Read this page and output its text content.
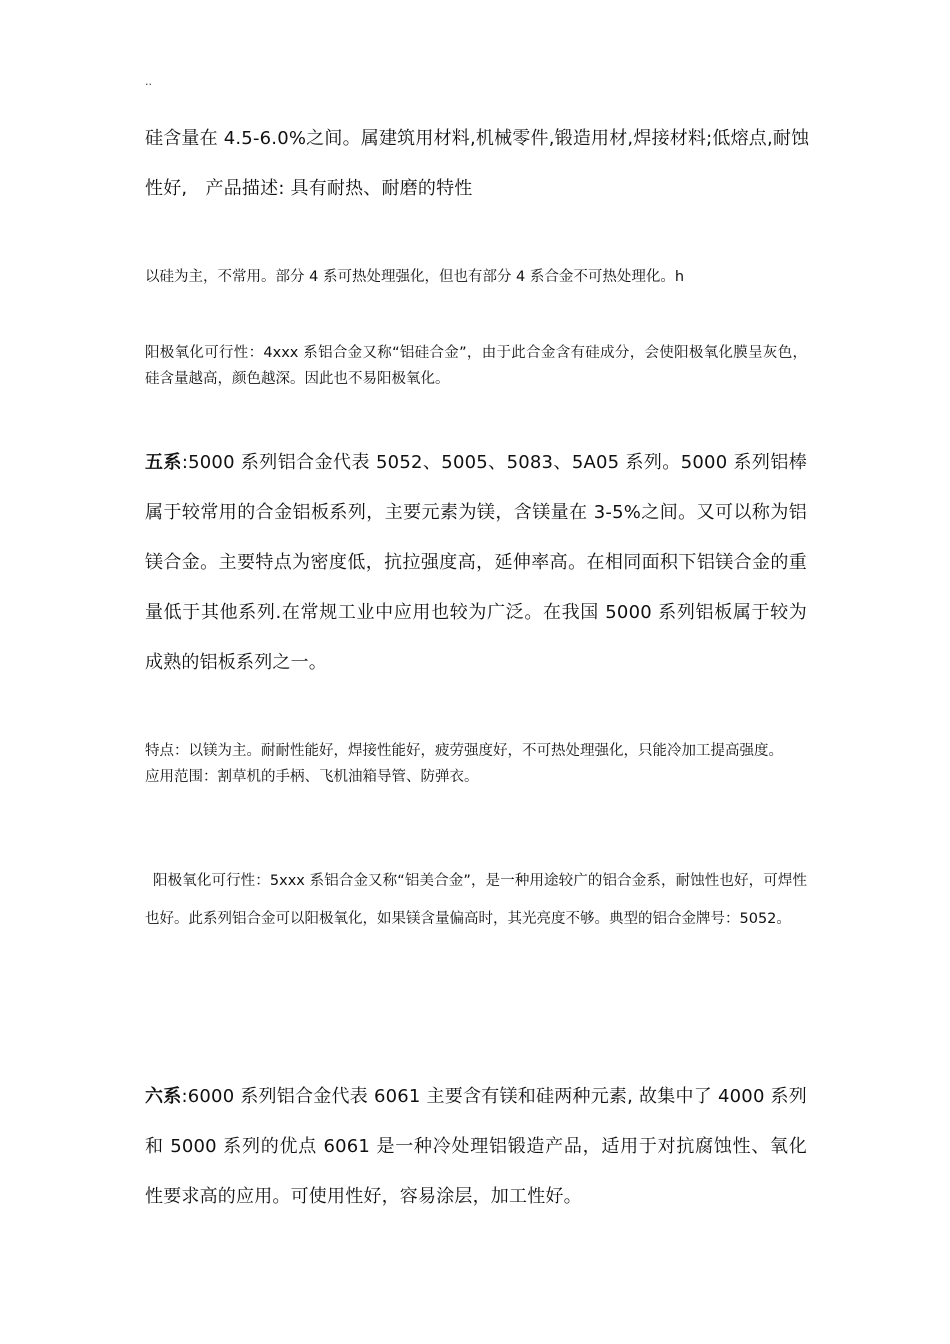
..
硅含量在 4.5-6.0%之间。属建筑用材料,机械零件,锻造用材,焊接材料;低熔点,耐蚀
性好,　产品描述: 具有耐热、耐磨的特性

以硅为主，不常用。部分 4 系可热处理强化，但也有部分 4 系合金不可热处理化。h

阳极氧化可行性：4xxx 系铝合金又称“铝硅合金”，由于此合金含有硅成分，会使阳极氧化膜呈灰色，硅含量越高，颜色越深。因此也不易阳极氧化。

五系:5000 系列铝合金代表 5052、5005、5083、5A05 系列。5000 系列铝棒属于较常用的合金铝板系列，主要元素为镁，含镁量在 3-5%之间。又可以称为铝镁合金。主要特点为密度低，抗拉强度高，延伸率高。在相同面积下铝镁合金的重量低于其他系列.在常规工业中应用也较为广泛。在我国 5000 系列铝板属于较为成熟的铝板系列之一。

特点：以镁为主。耐耐性能好，焊接性能好，疲劳强度好，不可热处理强化，只能冷加工提高强度。
应用范围：割草机的手柄、飞机油箱导管、防弹衣。

阳极氧化可行性：5xxx 系铝合金又称“铝美合金”，是一种用途较广的铝合金系，耐蚀性也好，可焊性也好。此系列铝合金可以阳极氧化，如果镁含量偏高时，其光亮度不够。典型的铝合金牌号：5052。

六系:6000 系列铝合金代表 6061 主要含有镁和硅两种元素, 故集中了 4000 系列和 5000 系列的优点 6061 是一种冷处理铝锻造产品，适用于对抗腐蚀性、氧化性要求高的应用。可使用性好，容易涂层，加工性好。
